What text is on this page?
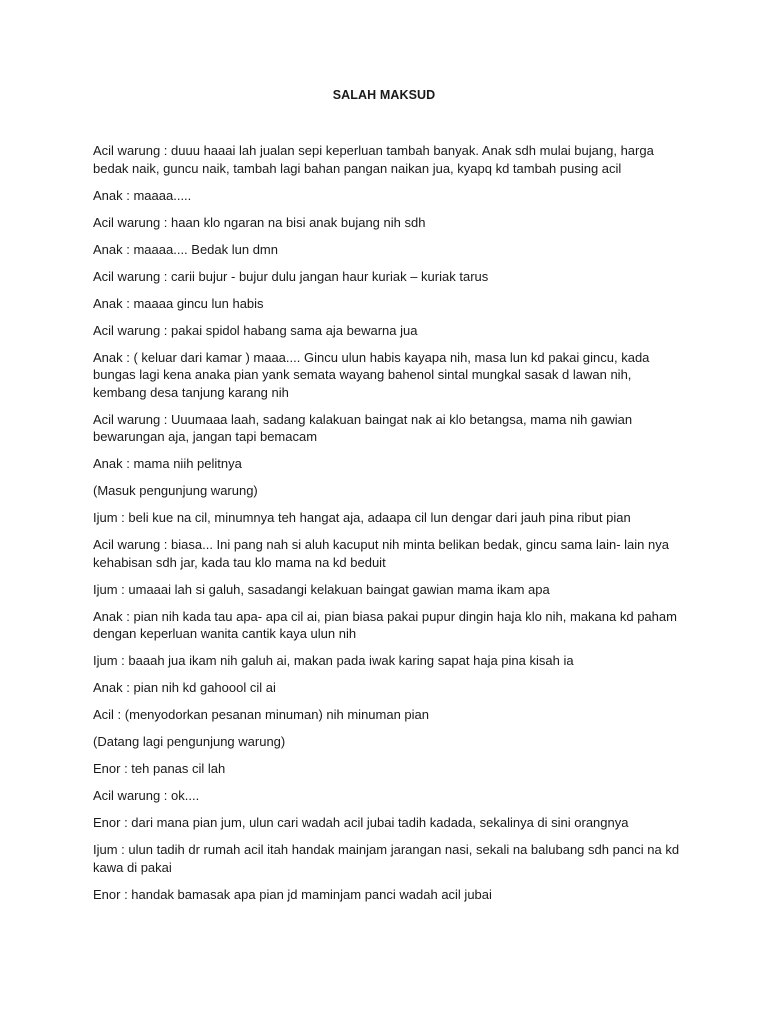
SALAH MAKSUD

Acil warung : duuu haaai lah jualan sepi keperluan tambah banyak. Anak sdh mulai bujang, harga bedak naik, guncu naik, tambah lagi bahan pangan naikan jua, kyapq kd tambah pusing acil

Anak : maaaa.....

Acil warung : haan klo ngaran na bisi anak bujang nih sdh

Anak : maaaa.... Bedak lun dmn

Acil warung : carii bujur - bujur dulu jangan haur kuriak – kuriak tarus

Anak : maaaa gincu lun habis

Acil warung : pakai spidol habang sama aja bewarna jua

Anak : ( keluar dari kamar ) maaa.... Gincu ulun habis kayapa nih, masa lun kd pakai gincu, kada bungas lagi kena anaka pian yank semata wayang bahenol sintal mungkal sasak d lawan nih, kembang desa tanjung karang nih

Acil warung : Uuumaaa laah, sadang kalakuan baingat nak ai klo betangsa, mama nih gawian bewarungan aja, jangan tapi bemacam

Anak : mama niih pelitnya

(Masuk pengunjung warung)

Ijum : beli kue na cil, minumnya teh hangat aja, adaapa cil lun dengar dari jauh pina ribut pian

Acil warung : biasa... Ini pang nah si aluh kacuput nih minta belikan bedak, gincu sama lain- lain nya kehabisan sdh jar, kada tau klo mama na kd beduit

Ijum : umaaai lah si galuh, sasadangi kelakuan baingat gawian mama ikam apa

Anak : pian nih kada tau apa- apa cil ai, pian biasa pakai pupur dingin haja klo nih, makana kd paham dengan keperluan wanita cantik kaya ulun nih

Ijum : baaah jua ikam nih galuh ai, makan pada iwak karing sapat haja pina kisah ia

Anak : pian nih kd gahoool cil ai

Acil : (menyodorkan pesanan minuman) nih minuman pian

(Datang lagi pengunjung warung)

Enor : teh panas cil lah

Acil warung : ok....

Enor : dari mana pian jum, ulun cari wadah acil jubai tadih kadada, sekalinya di sini orangnya

Ijum : ulun tadih dr rumah acil itah handak mainjam jarangan nasi, sekali na balubang sdh panci na kd kawa di pakai

Enor : handak bamasak apa pian jd maminjam panci wadah acil jubai
